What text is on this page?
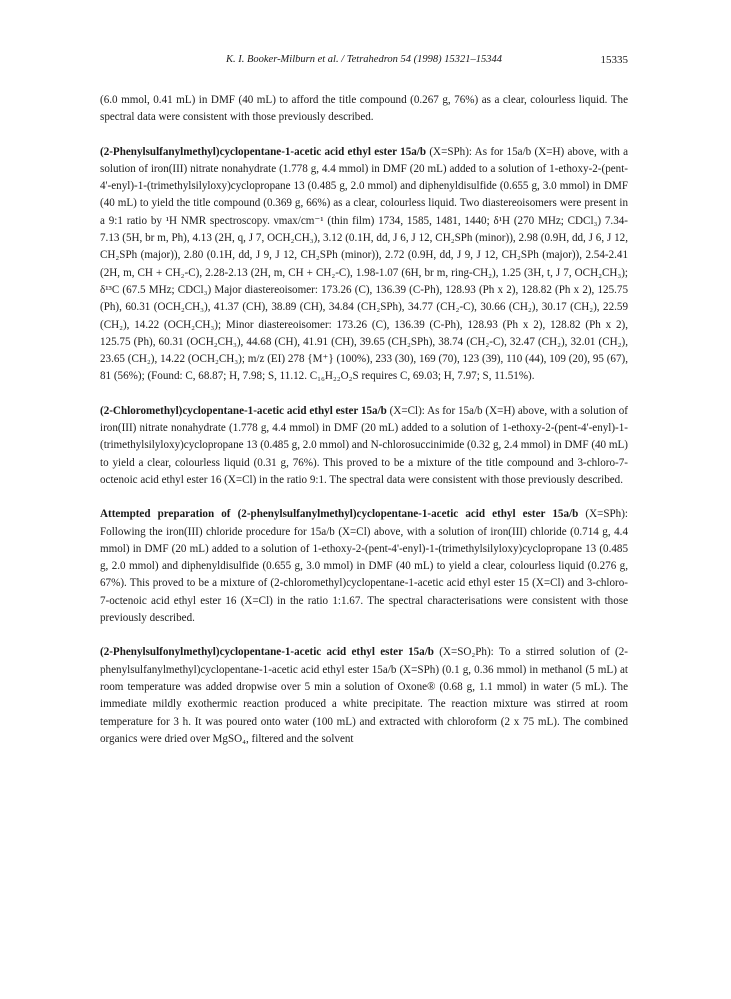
K. I. Booker-Milburn et al. / Tetrahedron 54 (1998) 15321–15344	15335

(6.0 mmol, 0.41 mL) in DMF (40 mL) to afford the title compound (0.267 g, 76%) as a clear, colourless liquid. The spectral data were consistent with those previously described.

(2-Phenylsulfanylmethyl)cyclopentane-1-acetic acid ethyl ester 15a/b (X=SPh): As for 15a/b (X=H) above, with a solution of iron(III) nitrate nonahydrate (1.778 g, 4.4 mmol) in DMF (20 mL) added to a solution of 1-ethoxy-2-(pent-4'-enyl)-1-(trimethylsilyloxy)cyclopropane 13 (0.485 g, 2.0 mmol) and diphenyldisulfide (0.655 g, 3.0 mmol) in DMF (40 mL) to yield the title compound (0.369 g, 66%) as a clear, colourless liquid. Two diastereoisomers were present in a 9:1 ratio by ¹H NMR spectroscopy. νmax/cm⁻¹ (thin film) 1734, 1585, 1481, 1440; δ¹H (270 MHz; CDCl₃) 7.34-7.13 (5H, br m, Ph), 4.13 (2H, q, J 7, OCH₂CH₃), 3.12 (0.1H, dd, J 6, J 12, CH₂SPh (minor)), 2.98 (0.9H, dd, J 6, J 12, CH₂SPh (major)), 2.80 (0.1H, dd, J 9, J 12, CH₂SPh (minor)), 2.72 (0.9H, dd, J 9, J 12, CH₂SPh (major)), 2.54-2.41 (2H, m, CH + CH₂-C), 2.28-2.13 (2H, m, CH + CH₂-C), 1.98-1.07 (6H, br m, ring-CH₂), 1.25 (3H, t, J 7, OCH₂CH₃); δ¹³C (67.5 MHz; CDCl₃) Major diastereoisomer: 173.26 (C), 136.39 (C-Ph), 128.93 (Ph x 2), 128.82 (Ph x 2), 125.75 (Ph), 60.31 (OCH₂CH₃), 41.37 (CH), 38.89 (CH), 34.84 (CH₂SPh), 34.77 (CH₂-C), 30.66 (CH₂), 30.17 (CH₂), 22.59 (CH₂), 14.22 (OCH₂CH₃); Minor diastereoisomer: 173.26 (C), 136.39 (C-Ph), 128.93 (Ph x 2), 128.82 (Ph x 2), 125.75 (Ph), 60.31 (OCH₂CH₃), 44.68 (CH), 41.91 (CH), 39.65 (CH₂SPh), 38.74 (CH₂-C), 32.47 (CH₂), 32.01 (CH₂), 23.65 (CH₂), 14.22 (OCH₂CH₃); m/z (EI) 278 {M⁺} (100%), 233 (30), 169 (70), 123 (39), 110 (44), 109 (20), 95 (67), 81 (56%); (Found: C, 68.87; H, 7.98; S, 11.12. C₁₆H₂₂O₂S requires C, 69.03; H, 7.97; S, 11.51%).

(2-Chloromethyl)cyclopentane-1-acetic acid ethyl ester 15a/b (X=Cl): As for 15a/b (X=H) above, with a solution of iron(III) nitrate nonahydrate (1.778 g, 4.4 mmol) in DMF (20 mL) added to a solution of 1-ethoxy-2-(pent-4'-enyl)-1-(trimethylsilyloxy)cyclopropane 13 (0.485 g, 2.0 mmol) and N-chlorosuccinimide (0.32 g, 2.4 mmol) in DMF (40 mL) to yield a clear, colourless liquid (0.31 g, 76%). This proved to be a mixture of the title compound and 3-chloro-7-octenoic acid ethyl ester 16 (X=Cl) in the ratio 9:1. The spectral data were consistent with those previously described.

Attempted preparation of (2-phenylsulfanylmethyl)cyclopentane-1-acetic acid ethyl ester 15a/b (X=SPh): Following the iron(III) chloride procedure for 15a/b (X=Cl) above, with a solution of iron(III) chloride (0.714 g, 4.4 mmol) in DMF (20 mL) added to a solution of 1-ethoxy-2-(pent-4'-enyl)-1-(trimethylsilyloxy)cyclopropane 13 (0.485 g, 2.0 mmol) and diphenyldisulfide (0.655 g, 3.0 mmol) in DMF (40 mL) to yield a clear, colourless liquid (0.276 g, 67%). This proved to be a mixture of (2-chloromethyl)cyclopentane-1-acetic acid ethyl ester 15 (X=Cl) and 3-chloro-7-octenoic acid ethyl ester 16 (X=Cl) in the ratio 1:1.67. The spectral characterisations were consistent with those previously described.

(2-Phenylsulfonylmethyl)cyclopentane-1-acetic acid ethyl ester 15a/b (X=SO₂Ph): To a stirred solution of (2-phenylsulfanylmethyl)cyclopentane-1-acetic acid ethyl ester 15a/b (X=SPh) (0.1 g, 0.36 mmol) in methanol (5 mL) at room temperature was added dropwise over 5 min a solution of Oxone® (0.68 g, 1.1 mmol) in water (5 mL). The immediate mildly exothermic reaction produced a white precipitate. The reaction mixture was stirred at room temperature for 3 h. It was poured onto water (100 mL) and extracted with chloroform (2 x 75 mL). The combined organics were dried over MgSO₄, filtered and the solvent
